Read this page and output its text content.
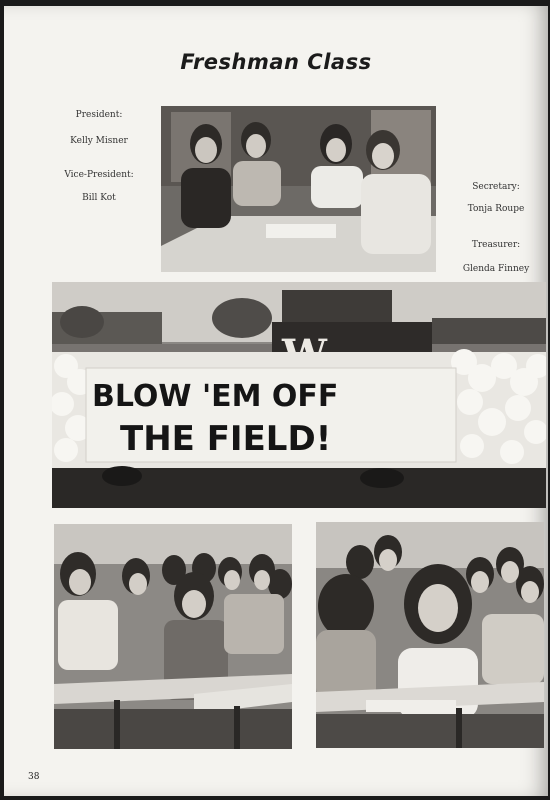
Freshman Class
President:
Kelly Misner
Vice-President:
Bill Kot
Secretary:
Tonja Roupe
Treasurer:
Glenda Finney
BLOW 'EM OFF
THE FIELD!
38
